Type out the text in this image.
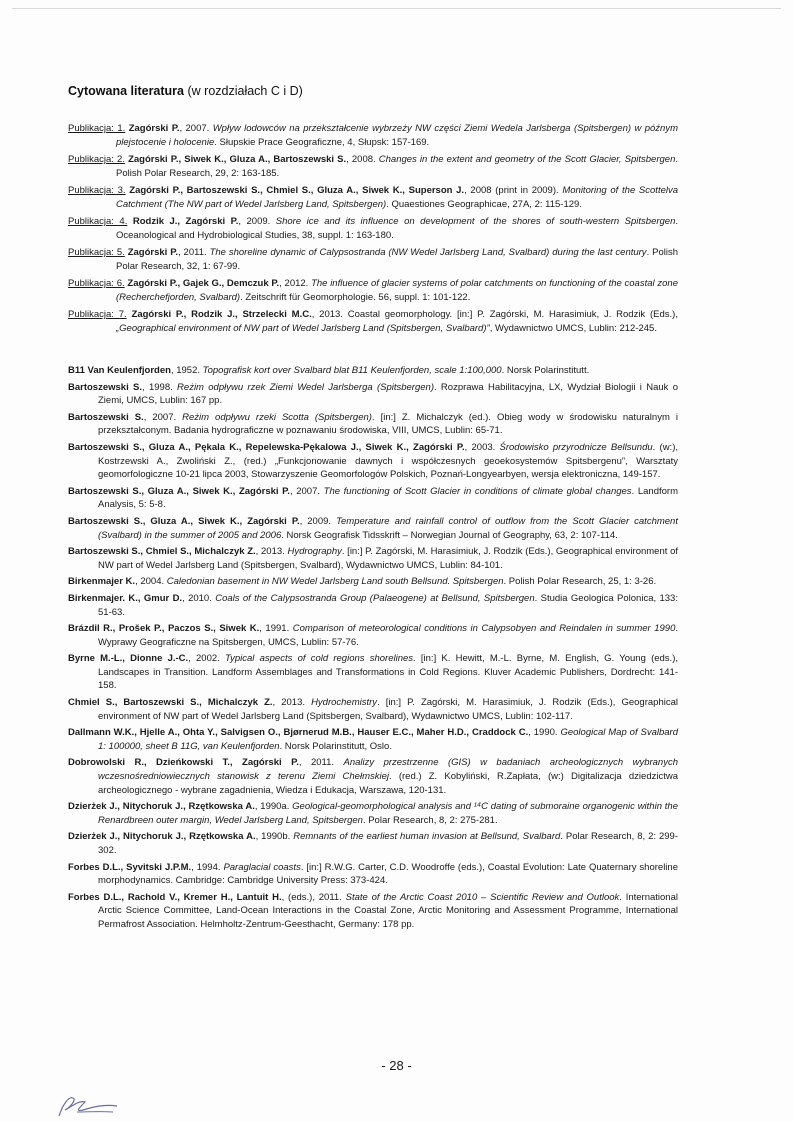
Cytowana literatura (w rozdziałach C i D)

Publikacja: 1. Zagórski P., 2007. Wpływ lodowców na przekształcenie wybrzeży NW części Ziemi Wedela Jarlsberga (Spitsbergen) w późnym plejstocenie i holocenie. Słupskie Prace Geograficzne, 4, Słupsk: 157-169.

Publikacja: 2. Zagórski P., Siwek K., Gluza A., Bartoszewski S., 2008. Changes in the extent and geometry of the Scott Glacier, Spitsbergen. Polish Polar Research, 29, 2: 163-185.

Publikacja: 3. Zagórski P., Bartoszewski S., Chmiel S., Gluza A., Siwek K., Superson J., 2008 (print in 2009). Monitoring of the Scottelva Catchment (The NW part of Wedel Jarlsberg Land, Spitsbergen). Quaestiones Geographicae, 27A, 2: 115-129.

Publikacja: 4. Rodzik J., Zagórski P., 2009. Shore ice and its influence on development of the shores of south-western Spitsbergen. Oceanological and Hydrobiological Studies, 38, suppl. 1: 163-180.

Publikacja: 5. Zagórski P., 2011. The shoreline dynamic of Calypsostranda (NW Wedel Jarlsberg Land, Svalbard) during the last century. Polish Polar Research, 32, 1: 67-99.

Publikacja: 6. Zagórski P., Gajek G., Demczuk P., 2012. The influence of glacier systems of polar catchments on functioning of the coastal zone (Recherchefjorden, Svalbard). Zeitschrift für Geomorphologie. 56, suppl. 1: 101-122.

Publikacja: 7. Zagórski P., Rodzik J., Strzelecki M.C., 2013. Coastal geomorphology. [in:] P. Zagórski, M. Harasimiuk, J. Rodzik (Eds.), „Geographical environment of NW part of Wedel Jarlsberg Land (Spitsbergen, Svalbard)”, Wydawnictwo UMCS, Lublin: 212-245.

B11 Van Keulenfjorden, 1952. Topografisk kort over Svalbard blat B11 Keulenfjorden, scale 1:100,000. Norsk Polarinstitutt.

Bartoszewski S., 1998. Reżim odpływu rzek Ziemi Wedel Jarlsberga (Spitsbergen). Rozprawa Habilitacyjna, LX, Wydział Biologii i Nauk o Ziemi, UMCS, Lublin: 167 pp.

Bartoszewski S., 2007. Reżim odpływu rzeki Scotta (Spitsbergen). [in:] Z. Michalczyk (ed.). Obieg wody w środowisku naturalnym i przekształconym. Badania hydrograficzne w poznawaniu środowiska, VIII, UMCS, Lublin: 65-71.

Bartoszewski S., Gluza A., Pękala K., Repelewska-Pękalowa J., Siwek K., Zagórski P., 2003. Środowisko przyrodnicze Bellsundu. (w:), Kostrzewski A., Zwoliński Z., (red.) „Funkcjonowanie dawnych i współczesnych geoekosystemów Spitsbergenu”, Warsztaty geomorfologiczne 10-21 lipca 2003, Stowarzyszenie Geomorfologów Polskich, Poznań-Longyearbyen, wersja elektroniczna, 149-157.

Bartoszewski S., Gluza A., Siwek K., Zagórski P., 2007. The functioning of Scott Glacier in conditions of climate global changes. Landform Analysis, 5: 5-8.

Bartoszewski S., Gluza A., Siwek K., Zagórski P., 2009. Temperature and rainfall control of outflow from the Scott Glacier catchment (Svalbard) in the summer of 2005 and 2006. Norsk Geografisk Tidsskrift – Norwegian Journal of Geography, 63, 2: 107-114.

Bartoszewski S., Chmiel S., Michalczyk Z., 2013. Hydrography. [in:] P. Zagórski, M. Harasimiuk, J. Rodzik (Eds.), Geographical environment of NW part of Wedel Jarlsberg Land (Spitsbergen, Svalbard), Wydawnictwo UMCS, Lublin: 84-101.

Birkenmajer K., 2004. Caledonian basement in NW Wedel Jarlsberg Land south Bellsund. Spitsbergen. Polish Polar Research, 25, 1: 3-26.

Birkenmajer. K., Gmur D., 2010. Coals of the Calypsostranda Group (Palaeogene) at Bellsund, Spitsbergen. Studia Geologica Polonica, 133: 51-63.

Brázdil R., Prošek P., Paczos S., Siwek K., 1991. Comparison of meteorological conditions in Calypsobyen and Reindalen in summer 1990. Wyprawy Geograficzne na Spitsbergen, UMCS, Lublin: 57-76.

Byrne M.-L., Dionne J.-C., 2002. Typical aspects of cold regions shorelines. [in:] K. Hewitt, M.-L. Byrne, M. English, G. Young (eds.), Landscapes in Transition. Landform Assemblages and Transformations in Cold Regions. Kluver Academic Publishers, Dordrecht: 141-158.

Chmiel S., Bartoszewski S., Michalczyk Z., 2013. Hydrochemistry. [in:] P. Zagórski, M. Harasimiuk, J. Rodzik (Eds.), Geographical environment of NW part of Wedel Jarlsberg Land (Spitsbergen, Svalbard), Wydawnictwo UMCS, Lublin: 102-117.

Dallmann W.K., Hjelle A., Ohta Y., Salvigsen O., Bjørnerud M.B., Hauser E.C., Maher H.D., Craddock C., 1990. Geological Map of Svalbard 1: 100000, sheet B 11G, van Keulenfjorden. Norsk Polarinstitutt, Oslo.

Dobrowolski R., Dzieńkowski T., Zagórski P., 2011. Analizy przestrzenne (GIS) w badaniach archeologicznych wybranych wczesnośredniowiecznych stanowisk z terenu Ziemi Chełmskiej. (red.) Z. Kobyliński, R.Zapłata, (w:) Digitalizacja dziedzictwa archeologicznego - wybrane zagadnienia, Wiedza i Edukacja, Warszawa, 120-131.

Dzierżek J., Nitychoruk J., Rzętkowska A., 1990a. Geological-geomorphological analysis and ¹⁴C dating of submoraine organogenic within the Renardbreen outer margin, Wedel Jarlsberg Land, Spitsbergen. Polar Research, 8, 2: 275-281.

Dzierżek J., Nitychoruk J., Rzętkowska A., 1990b. Remnants of the earliest human invasion at Bellsund, Svalbard. Polar Research, 8, 2: 299-302.

Forbes D.L., Syvitski J.P.M., 1994. Paraglacial coasts. [in:] R.W.G. Carter, C.D. Woodroffe (eds.), Coastal Evolution: Late Quaternary shoreline morphodynamics. Cambridge: Cambridge University Press: 373-424.

Forbes D.L., Rachold V., Kremer H., Lantuit H., (eds.), 2011. State of the Arctic Coast 2010 – Scientific Review and Outlook. International Arctic Science Committee, Land-Ocean Interactions in the Coastal Zone, Arctic Monitoring and Assessment Programme, International Permafrost Association. Helmholtz-Zentrum-Geesthacht, Germany: 178 pp.

- 28 -
